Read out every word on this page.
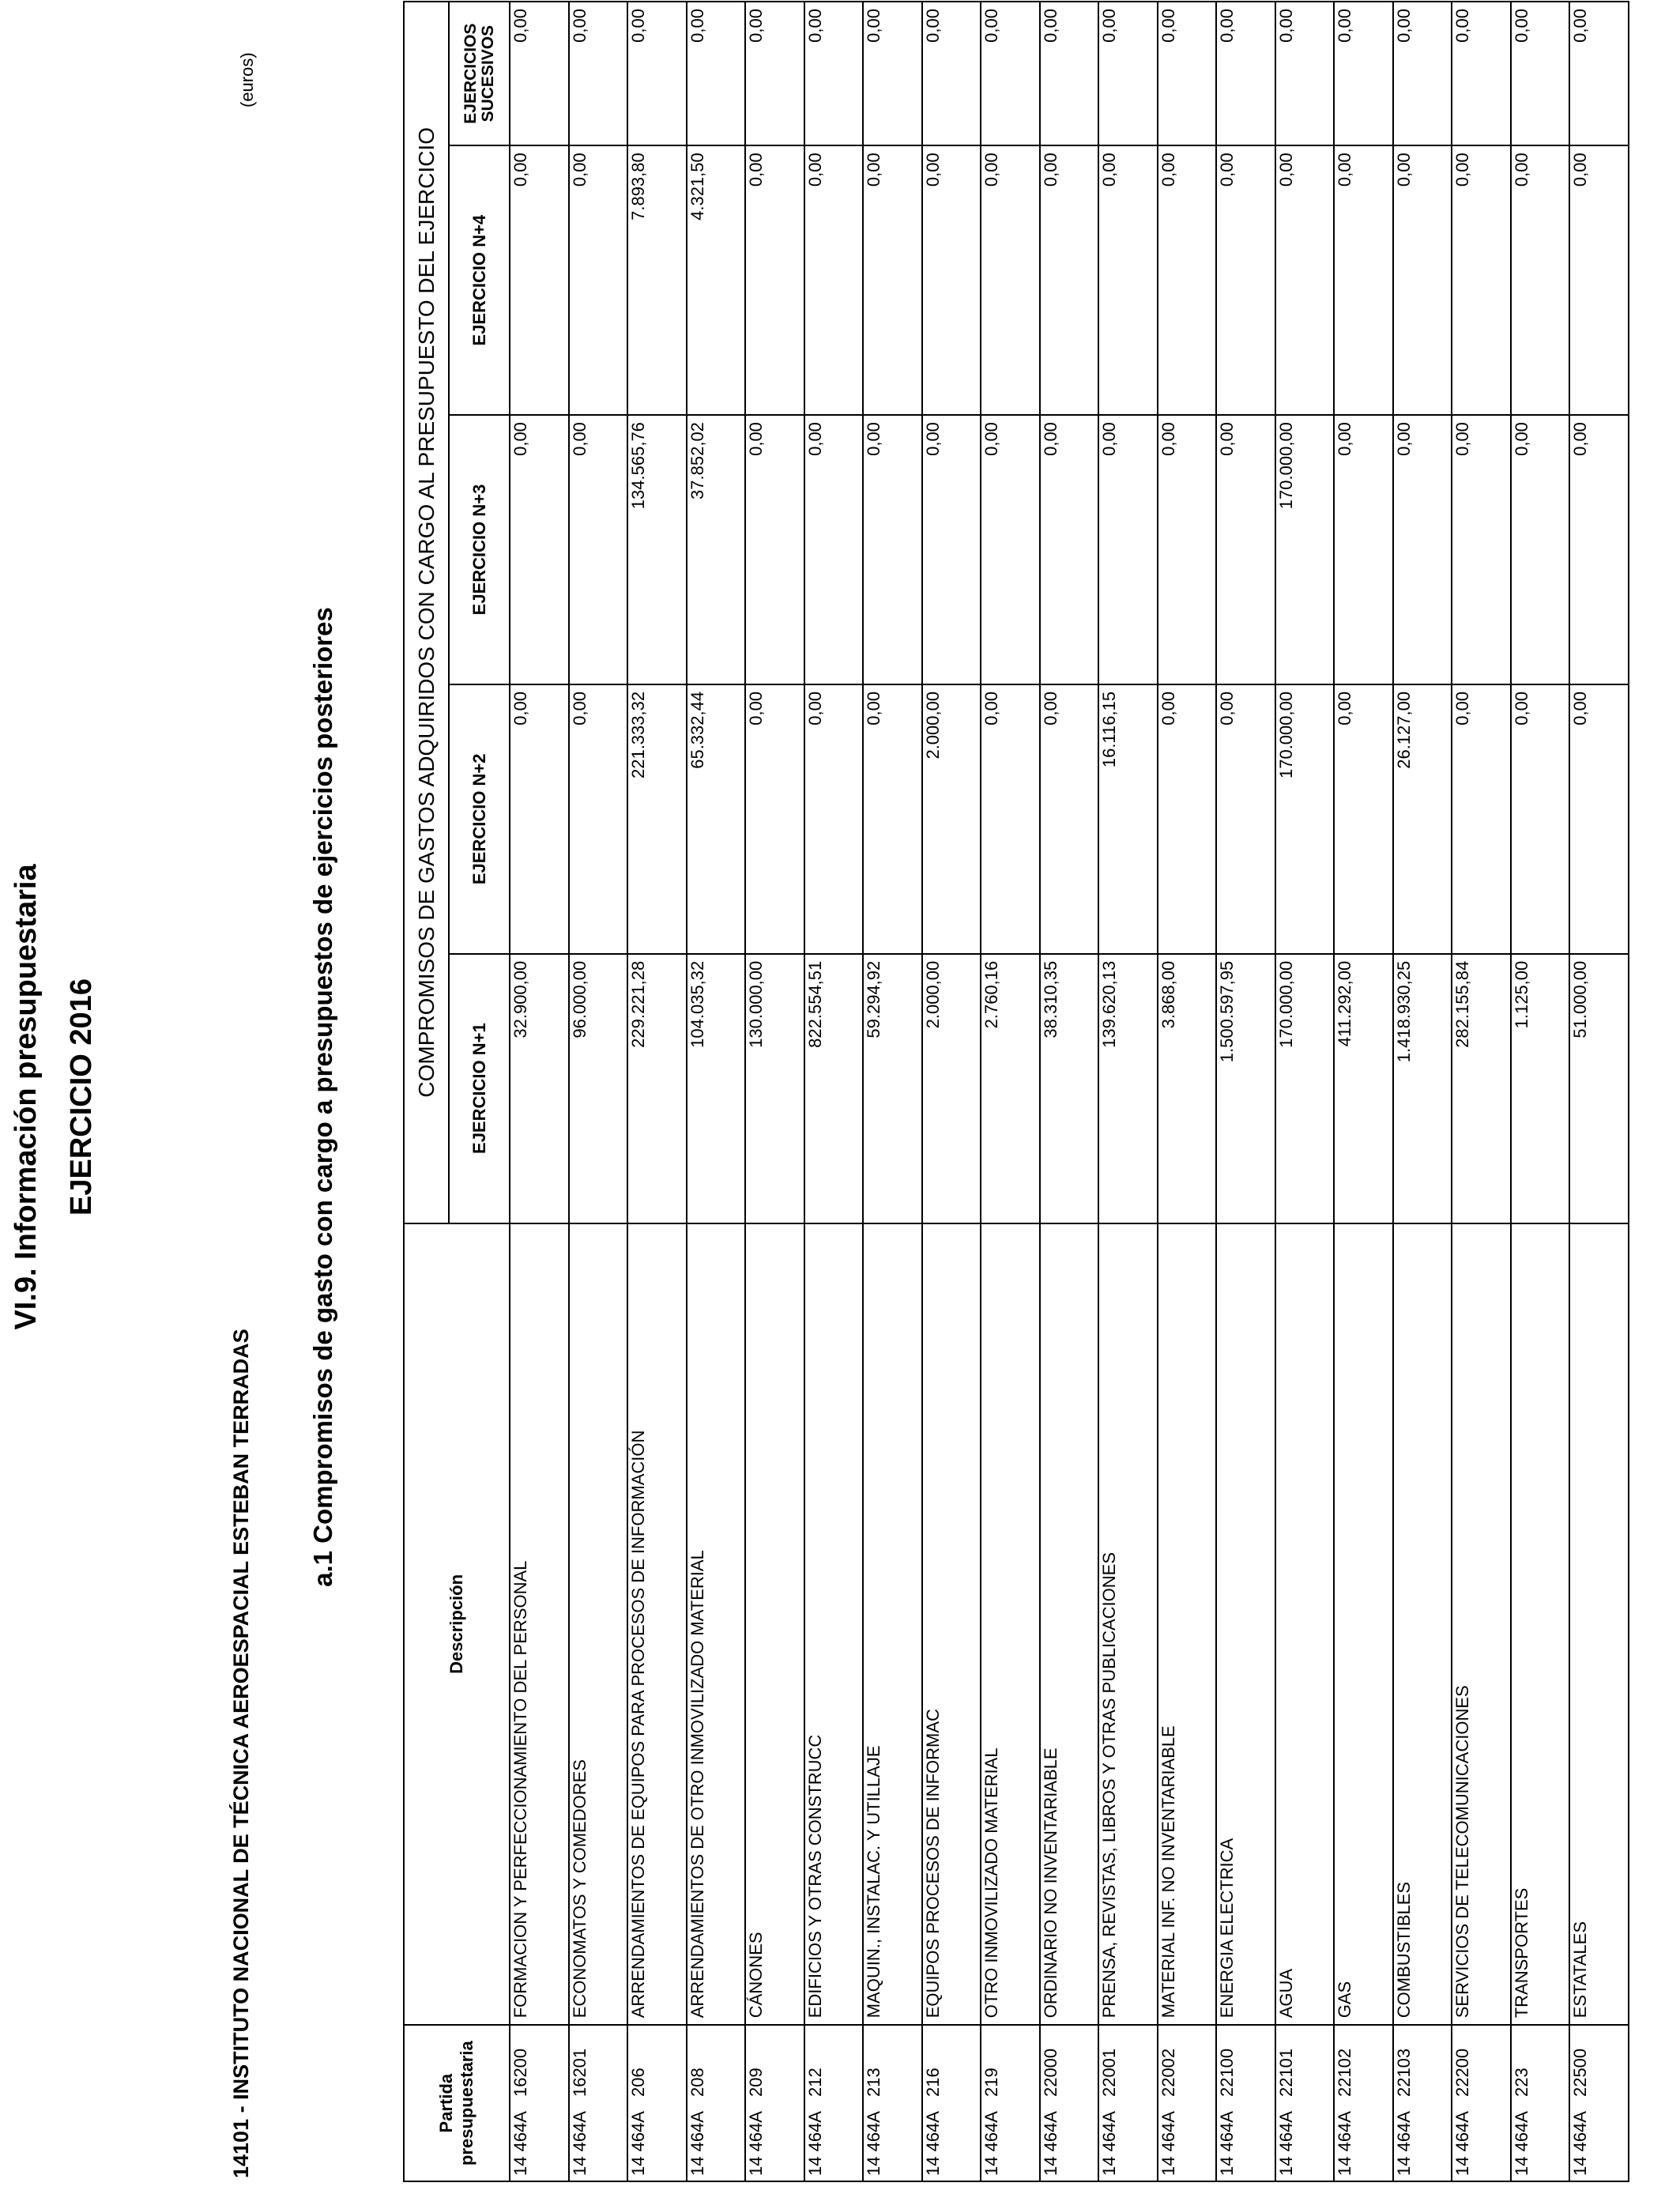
VI.9. Información presupuestaria EJERCICIO 2016
14101 - INSTITUTO NACIONAL DE TÉCNICA AEROESPACIAL ESTEBAN TERRADAS
a.1 Compromisos de gasto con cargo a presupuestos de ejercicios posteriores
(euros)
Partida presupuestaria	Descripción	COMPROMISOS DE GASTOS ADQUIRIDOS CON CARGO AL PRESUPUESTO DEL EJERCICIO				
		EJERCICIO N+1	EJERCICIO N+2	EJERCICIO N+3	EJERCICIO N+4	EJERCICIOS SUCESIVOS

14 464A16200	FORMACION Y PERFECCIONAMIENTO DEL PERSONAL	32.900,00	0,00	0,00	0,00	0,00
14 464A16201	ECONOMATOS Y COMEDORES	96.000,00	0,00	0,00	0,00	0,00
14 464A206	ARRENDAMIENTOS DE EQUIPOS PARA PROCESOS DE INFORMACIÓN	229.221,28	221.333,32	134.565,76	7.893,80	0,00
14 464A208	ARRENDAMIENTOS DE OTRO INMOVILIZADO MATERIAL	104.035,32	65.332,44	37.852,02	4.321,50	0,00
14 464A209	CÁNONES	130.000,00	0,00	0,00	0,00	0,00
14 464A212	EDIFICIOS Y OTRAS CONSTRUCC	822.554,51	0,00	0,00	0,00	0,00
14 464A213	MAQUIN., INSTALAC. Y UTILLAJE	59.294,92	0,00	0,00	0,00	0,00
14 464A216	EQUIPOS PROCESOS DE INFORMAC	2.000,00	2.000,00	0,00	0,00	0,00
14 464A219	OTRO INMOVILIZADO MATERIAL	2.760,16	0,00	0,00	0,00	0,00
14 464A22000	ORDINARIO NO INVENTARIABLE	38.310,35	0,00	0,00	0,00	0,00
14 464A22001	PRENSA, REVISTAS, LIBROS Y OTRAS PUBLICACIONES	139.620,13	16.116,15	0,00	0,00	0,00
14 464A22002	MATERIAL INF. NO INVENTARIABLE	3.868,00	0,00	0,00	0,00	0,00
14 464A22100	ENERGIA ELECTRICA	1.500.597,95	0,00	0,00	0,00	0,00
14 464A22101	AGUA	170.000,00	170.000,00	170.000,00	0,00	0,00
14 464A22102	GAS	411.292,00	0,00	0,00	0,00	0,00
14 464A22103	COMBUSTIBLES	1.418.930,25	26.127,00	0,00	0,00	0,00
14 464A22200	SERVICIOS DE TELECOMUNICACIONES	282.155,84	0,00	0,00	0,00	0,00
14 464A223	TRANSPORTES	1.125,00	0,00	0,00	0,00	0,00
14 464A22500	ESTATALES	51.000,00	0,00	0,00	0,00	0,00
